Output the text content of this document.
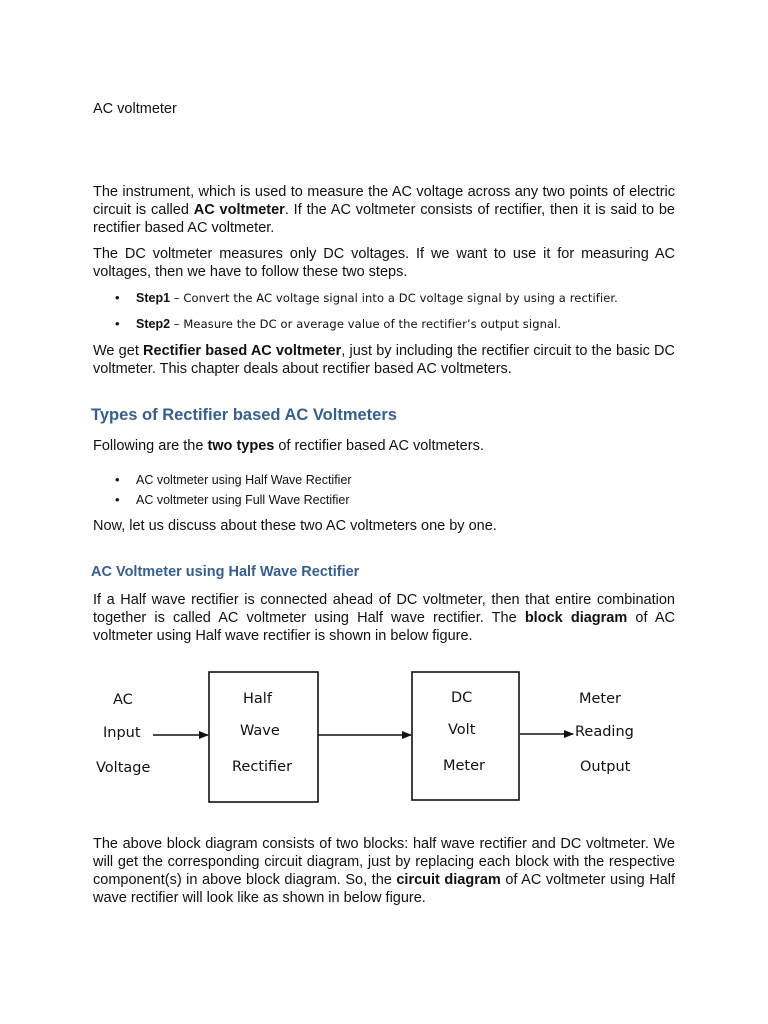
AC voltmeter
The instrument, which is used to measure the AC voltage across any two points of electric circuit is called AC voltmeter. If the AC voltmeter consists of rectifier, then it is said to be rectifier based AC voltmeter.
The DC voltmeter measures only DC voltages. If we want to use it for measuring AC voltages, then we have to follow these two steps.
• Step1 – Convert the AC voltage signal into a DC voltage signal by using a rectifier.
• Step2 – Measure the DC or average value of the rectifier’s output signal.
We get Rectifier based AC voltmeter, just by including the rectifier circuit to the basic DC voltmeter. This chapter deals about rectifier based AC voltmeters.
Types of Rectifier based AC Voltmeters
Following are the two types of rectifier based AC voltmeters.
• AC voltmeter using Half Wave Rectifier
• AC voltmeter using Full Wave Rectifier
Now, let us discuss about these two AC voltmeters one by one.
AC Voltmeter using Half Wave Rectifier
If a Half wave rectifier is connected ahead of DC voltmeter, then that entire combination together is called AC voltmeter using Half wave rectifier. The block diagram of AC voltmeter using Half wave rectifier is shown in below figure.
AC
Input
Voltage
Half
Wave
Rectifier
DC
Volt
Meter
Meter
Reading
Output
The above block diagram consists of two blocks: half wave rectifier and DC voltmeter. We will get the corresponding circuit diagram, just by replacing each block with the respective component(s) in above block diagram. So, the circuit diagram of AC voltmeter using Half wave rectifier will look like as shown in below figure.
